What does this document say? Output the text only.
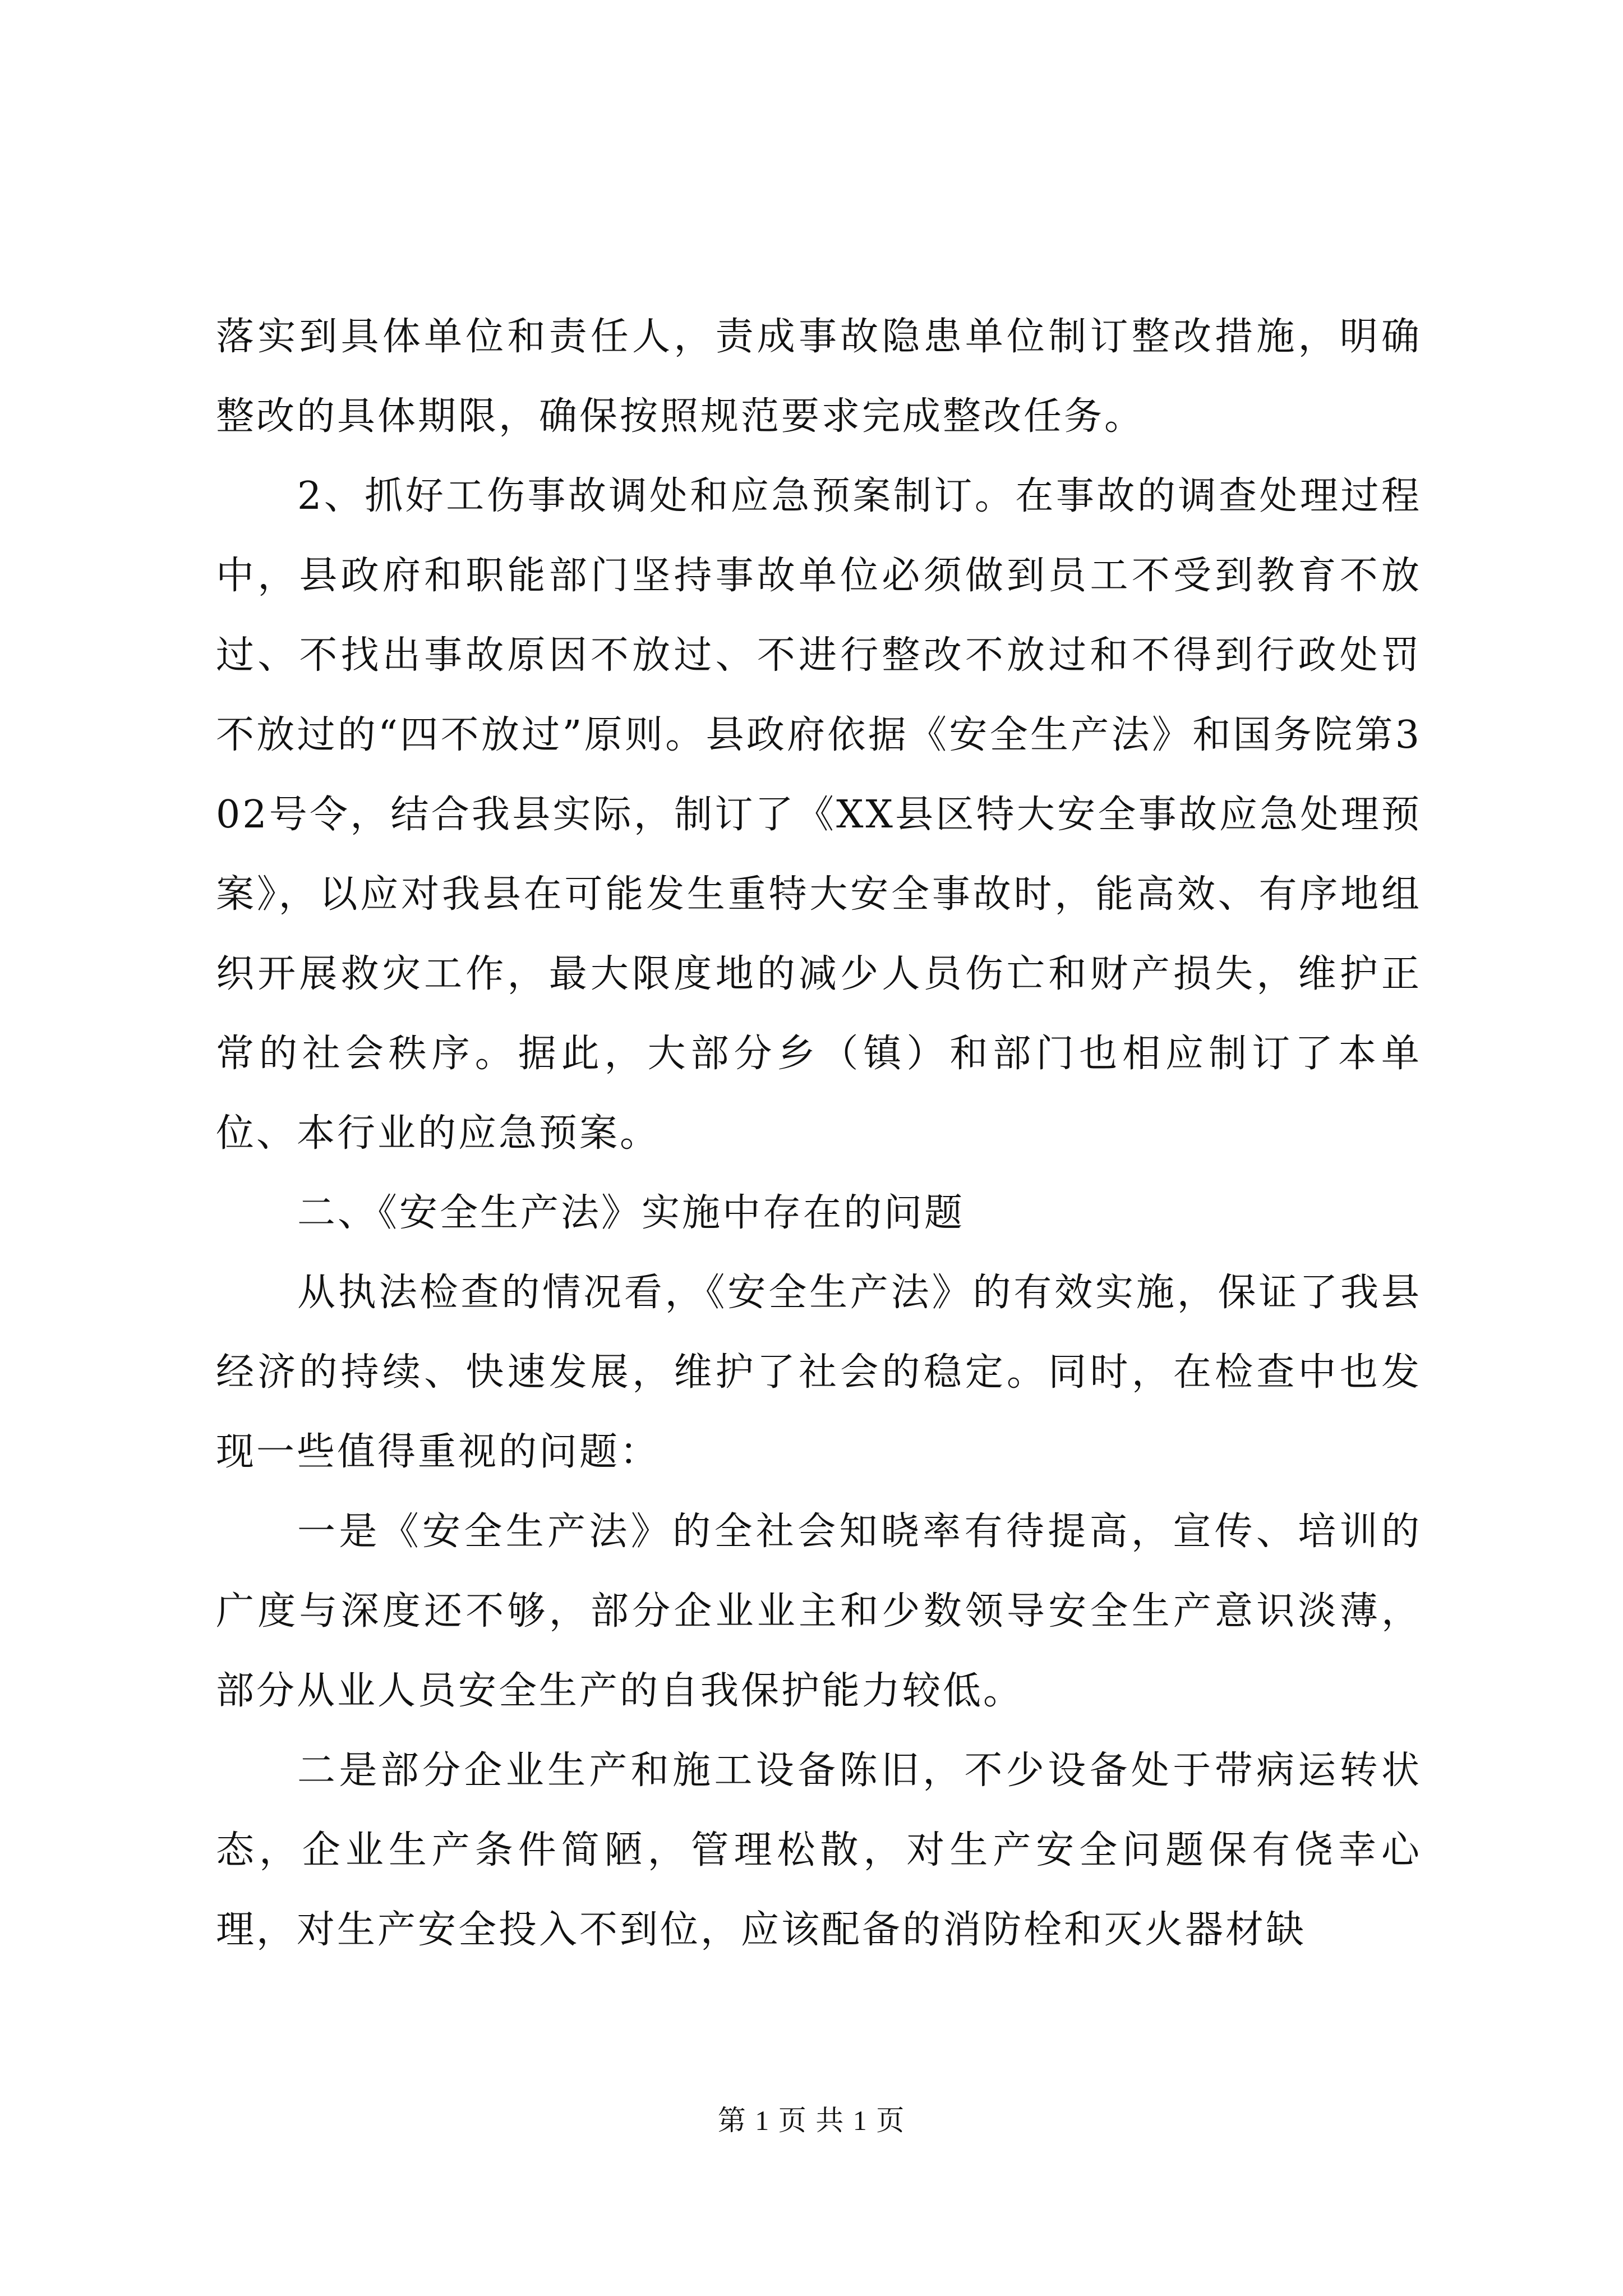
落实到具体单位和责任人，责成事故隐患单位制订整改措施，明确整改的具体期限，确保按照规范要求完成整改任务。

2、抓好工伤事故调处和应急预案制订。在事故的调查处理过程中，县政府和职能部门坚持事故单位必须做到员工不受到教育不放过、不找出事故原因不放过、不进行整改不放过和不得到行政处罚不放过的“四不放过”原则。县政府依据《安全生产法》和国务院第302号令，结合我县实际，制订了《XX县区特大安全事故应急处理预案》，以应对我县在可能发生重特大安全事故时，能高效、有序地组织开展救灾工作，最大限度地的减少人员伤亡和财产损失，维护正常的社会秩序。据此，大部分乡（镇）和部门也相应制订了本单位、本行业的应急预案。

二、《安全生产法》实施中存在的问题

从执法检查的情况看，《安全生产法》的有效实施，保证了我县经济的持续、快速发展，维护了社会的稳定。同时，在检查中也发现一些值得重视的问题：

一是《安全生产法》的全社会知晓率有待提高，宣传、培训的广度与深度还不够，部分企业业主和少数领导安全生产意识淡薄，部分从业人员安全生产的自我保护能力较低。

二是部分企业生产和施工设备陈旧，不少设备处于带病运转状态，企业生产条件简陋，管理松散，对生产安全问题保有侥幸心理，对生产安全投入不到位，应该配备的消防栓和灭火器材缺

第 1 页 共 1 页
